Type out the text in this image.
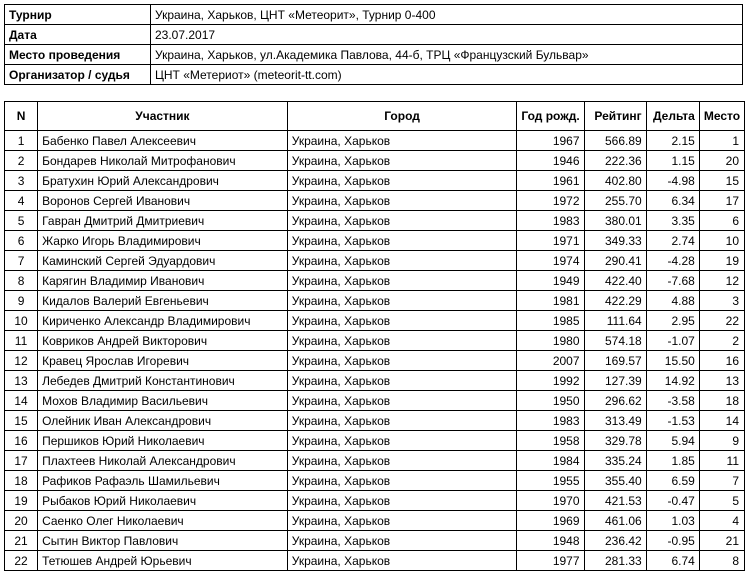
Турнир	Украина, Харьков, ЦНТ «Метеорит», Турнир 0-400
Дата	23.07.2017
Место проведения	Украина, Харьков, ул.Академика Павлова, 44-б, ТРЦ «Французский Бульвар»
Организатор / судья	ЦНТ «Метериот» (meteorit-tt.com)
N	Участник	Город	Год рожд.	Рейтинг	Дельта	Место
1	Бабенко Павел Алексеевич	Украина, Харьков	1967	566.89	2.15	1
2	Бондарев Николай Митрофанович	Украина, Харьков	1946	222.36	1.15	20
3	Братухин Юрий Александрович	Украина, Харьков	1961	402.80	-4.98	15
4	Воронов Сергей Иванович	Украина, Харьков	1972	255.70	6.34	17
5	Гавран Дмитрий Дмитриевич	Украина, Харьков	1983	380.01	3.35	6
6	Жарко Игорь Владимирович	Украина, Харьков	1971	349.33	2.74	10
7	Каминский Сергей Эдуардович	Украина, Харьков	1974	290.41	-4.28	19
8	Карягин Владимир Иванович	Украина, Харьков	1949	422.40	-7.68	12
9	Кидалов Валерий Евгеньевич	Украина, Харьков	1981	422.29	4.88	3
10	Кириченко Александр Владимирович	Украина, Харьков	1985	111.64	2.95	22
11	Ковриков Андрей Викторович	Украина, Харьков	1980	574.18	-1.07	2
12	Кравец Ярослав Игоревич	Украина, Харьков	2007	169.57	15.50	16
13	Лебедев Дмитрий Константинович	Украина, Харьков	1992	127.39	14.92	13
14	Мохов Владимир Васильевич	Украина, Харьков	1950	296.62	-3.58	18
15	Олейник Иван Александрович	Украина, Харьков	1983	313.49	-1.53	14
16	Першиков Юрий Николаевич	Украина, Харьков	1958	329.78	5.94	9
17	Плахтеев Николай Александрович	Украина, Харьков	1984	335.24	1.85	11
18	Рафиков Рафаэль Шамильевич	Украина, Харьков	1955	355.40	6.59	7
19	Рыбаков Юрий Николаевич	Украина, Харьков	1970	421.53	-0.47	5
20	Саенко Олег Николаевич	Украина, Харьков	1969	461.06	1.03	4
21	Сытин Виктор Павлович	Украина, Харьков	1948	236.42	-0.95	21
22	Тетюшев Андрей Юрьевич	Украина, Харьков	1977	281.33	6.74	8
